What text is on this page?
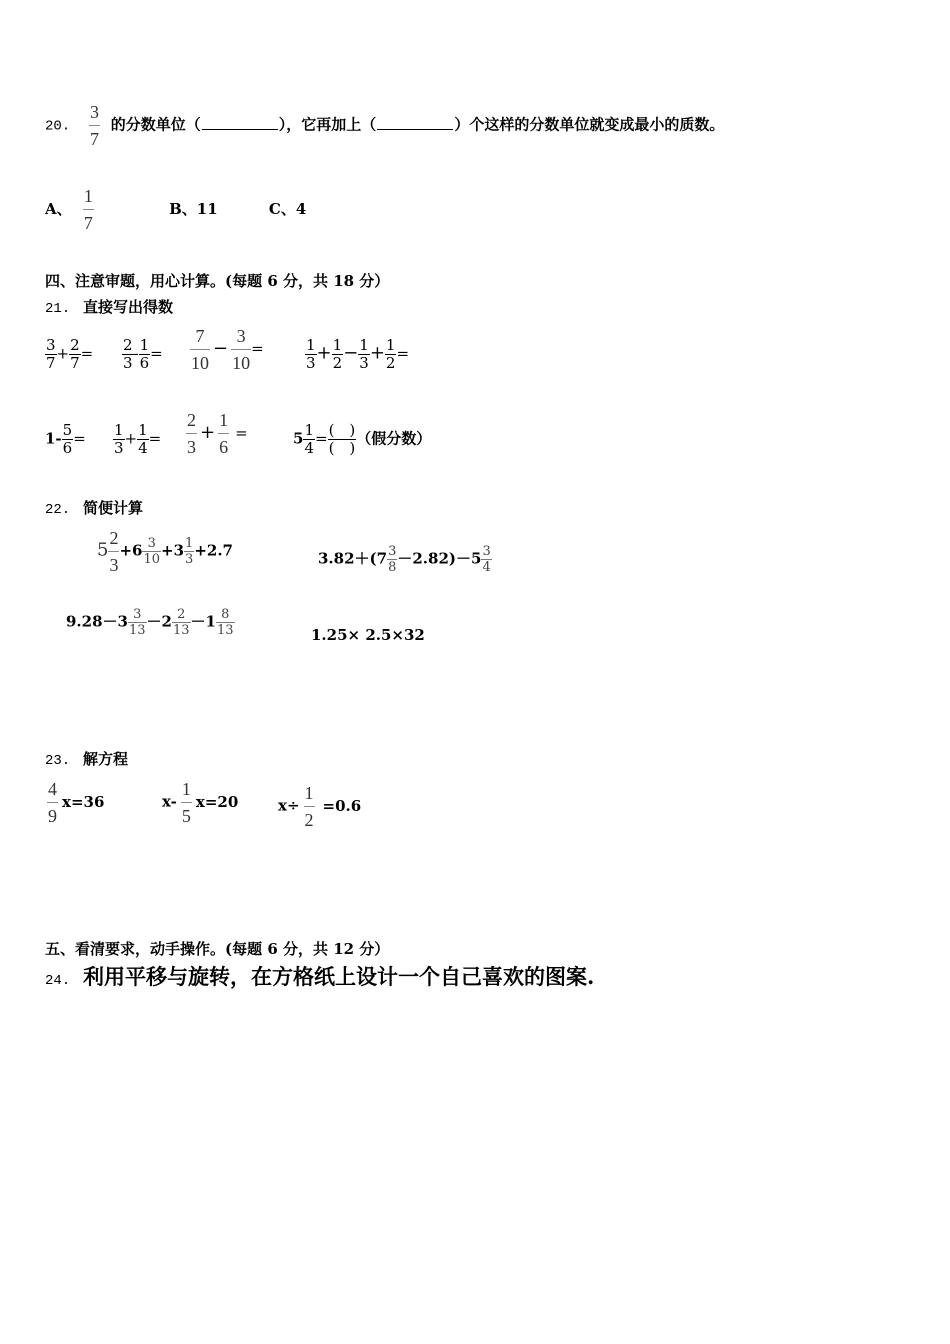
20. $\frac{3}{7}$ 的分数单位（	），它再加上（	）个这样的分数单位就变成最小的质数。
A、 $\frac{1}{7}$	B、11	C、4
四、注意审题，用心计算。(每题 6 分，共 18 分）
21. 直接写出得数
$\frac{3}{7} + \frac{2}{7} = \frac{2}{3} - \frac{1}{6} = \frac{7}{10} - \frac{3}{10}$ =	$\frac{1}{3} + \frac{1}{2} - \frac{1}{3} + \frac{1}{2}$ =
$1- \frac{5}{6} = \frac{1}{3} + \frac{1}{4} = \frac{2}{3} + \frac{1}{6}$ =	$5 \frac{1}{4} = \frac{( )}{( )}$ （假分数）
22. 简便计算
$5 \frac{2}{3} +6 \frac{3}{10} +3 \frac{1}{3} +2.7$	$3.82+(7 \frac{3}{8} -2.82)-5 \frac{3}{4}$
$9.28-3 \frac{3}{13} -2 \frac{2}{13} -1 \frac{8}{13}$	1.25× 2.5×32
23. 解方程
$\frac{4}{9} x=36$	$x- \frac{1}{5} x=20$	$x\div \frac{1}{2} =0.6$
五、看清要求，动手操作。(每题 6 分，共 12 分）
24. 利用平移与旋转，在方格纸上设计一个自己喜欢的图案.
